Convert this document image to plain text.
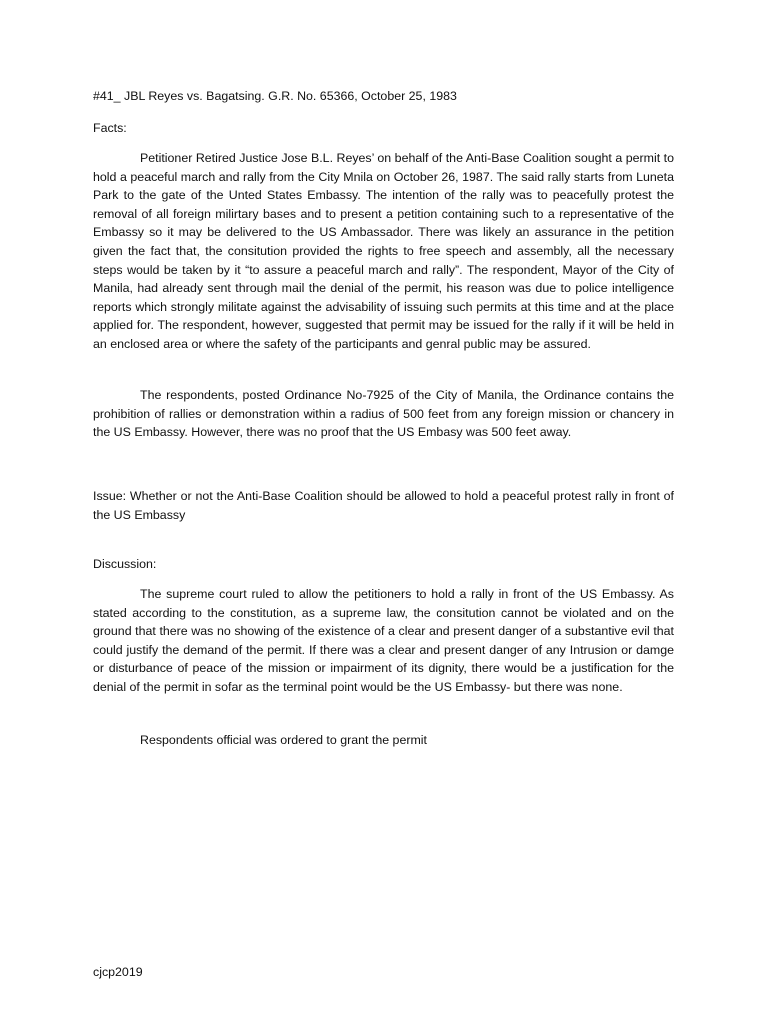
#41_ JBL Reyes vs. Bagatsing. G.R. No. 65366, October 25, 1983
Facts:

Petitioner Retired Justice Jose B.L. Reyes’ on behalf of the Anti-Base Coalition sought a permit to hold a peaceful march and rally from the City Mnila on October 26, 1987. The said rally starts from Luneta Park to the gate of the Unted States Embassy. The intention of the rally was to peacefully protest the removal of all foreign milirtary bases and to present a petition containing such to a representative of the Embassy so it may be delivered to the US Ambassador. There was likely an assurance in the petition given the fact that, the consitution provided the rights to free speech and assembly, all the necessary steps would be taken by it “to assure a peaceful march and rally”. The respondent, Mayor of the City of Manila, had already sent through mail the denial of the permit, his reason was due to police intelligence reports which strongly militate against the advisability of issuing such permits at this time and at the place applied for. The respondent, however, suggested that permit may be issued for the rally if it will be held in an enclosed area or where the safety of the participants and genral public may be assured.

The respondents, posted Ordinance No-7925 of the City of Manila, the Ordinance contains the prohibition of rallies or demonstration within a radius of 500 feet from any foreign mission or chancery in the US Embassy. However, there was no proof that the US Embasy was 500 feet away.

Issue: Whether or not the Anti-Base Coalition should be allowed to hold a peaceful protest rally in front of the US Embassy

Discussion:

The supreme court ruled to allow the petitioners to hold a rally in front of the US Embassy. As stated according to the constitution, as a supreme law, the consitution cannot be violated and on the ground that there was no showing of the existence of a clear and present danger of a substantive evil that could justify the demand of the permit. If there was a clear and present danger of any Intrusion or damge or disturbance of peace of the mission or impairment of its dignity, there would be a justification for the denial of the permit in sofar as the terminal point would be the US Embassy- but there was none.

Respondents official was ordered to grant the permit
cjcp2019
